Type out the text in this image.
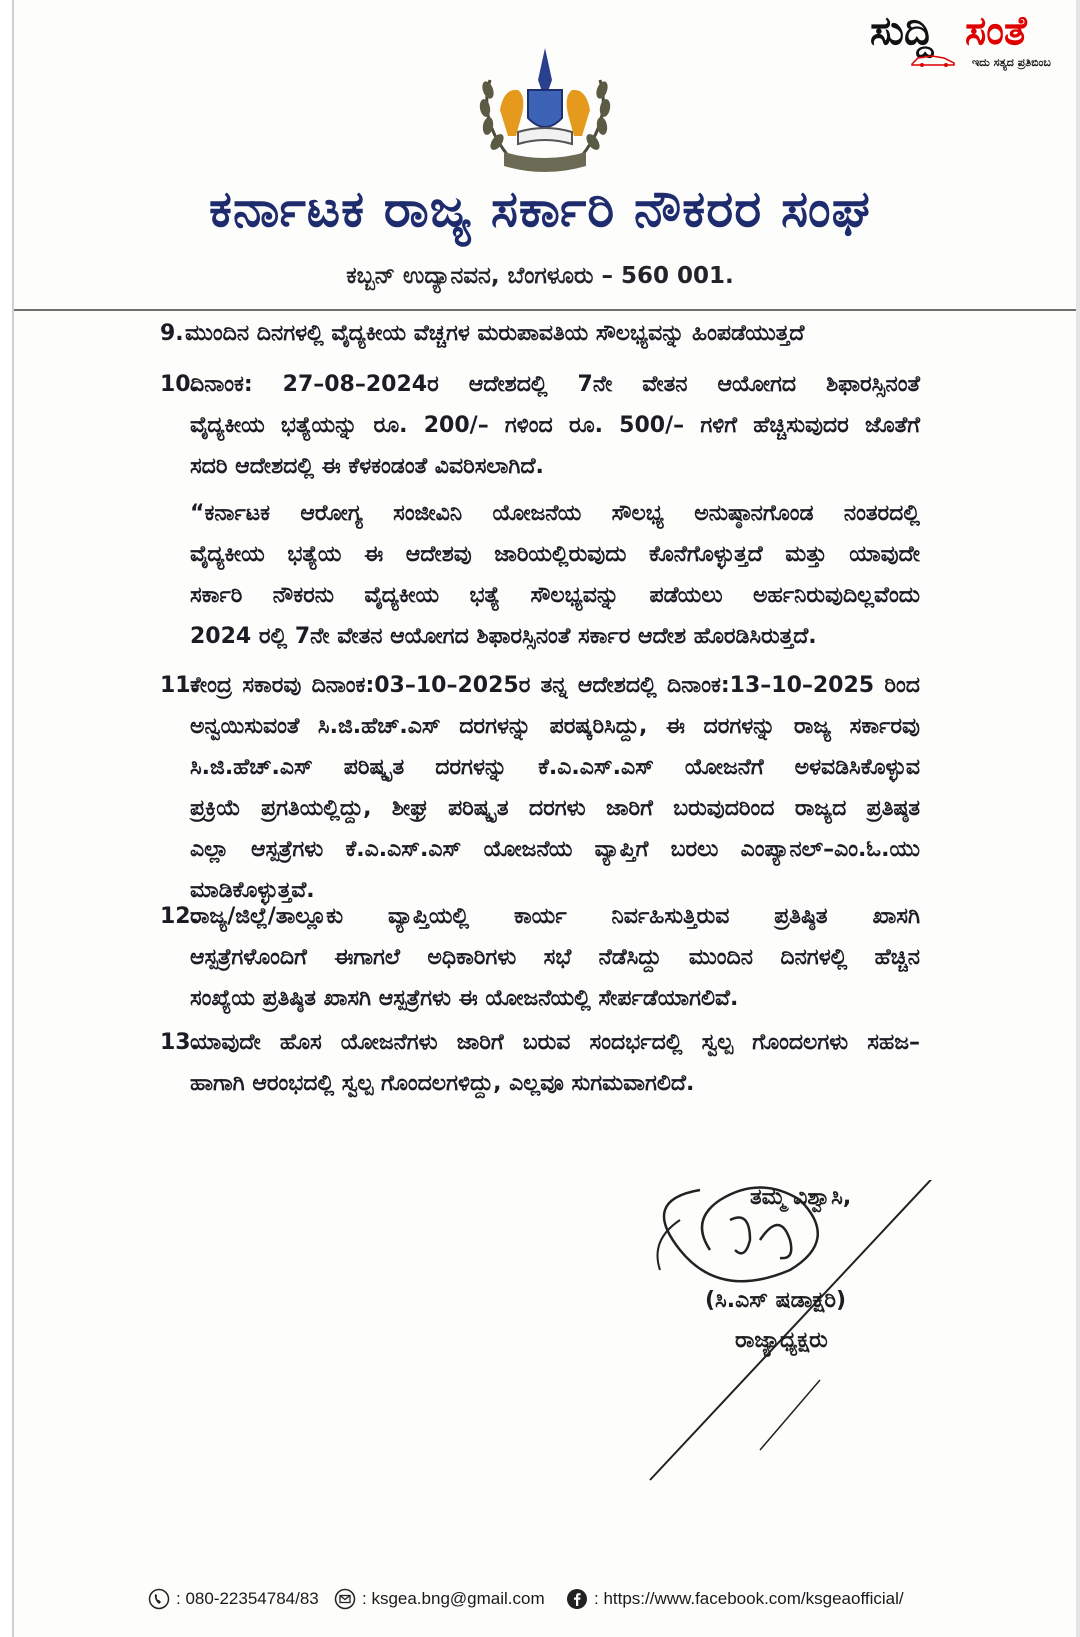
ಸುದ್ದಿ ಸಂತೆ
ಇದು ಸತ್ಯದ ಪ್ರತಿಬಿಂಬ
ಕರ್ನಾಟಕ ರಾಜ್ಯ ಸರ್ಕಾರಿ ನೌಕರರ ಸಂಘ
ಕಬ್ಬನ್ ಉದ್ಯಾನವನ, ಬೆಂಗಳೂರು – 560 001.
9. ಮುಂದಿನ ದಿನಗಳಲ್ಲಿ ವೈದ್ಯಕೀಯ ವೆಚ್ಚಗಳ ಮರುಪಾವತಿಯ ಸೌಲಭ್ಯವನ್ನು ಹಿಂಪಡೆಯುತ್ತದೆ
10.
ದಿನಾಂಕ: 27–08–2024ರ ಆದೇಶದಲ್ಲಿ 7ನೇ ವೇತನ ಆಯೋಗದ ಶಿಫಾರಸ್ಸಿನಂತೆ
ವೈದ್ಯಕೀಯ ಭತ್ಯೆಯನ್ನು ರೂ. 200/– ಗಳಿಂದ ರೂ. 500/– ಗಳಿಗೆ ಹೆಚ್ಚಿಸುವುದರ ಜೊತೆಗೆ
ಸದರಿ ಆದೇಶದಲ್ಲಿ ಈ ಕೆಳಕಂಡಂತೆ ವಿವರಿಸಲಾಗಿದೆ.
“ಕರ್ನಾಟಕ ಆರೋಗ್ಯ ಸಂಜೀವಿನಿ ಯೋಜನೆಯ ಸೌಲಭ್ಯ ಅನುಷ್ಠಾನಗೊಂಡ ನಂತರದಲ್ಲಿ
ವೈದ್ಯಕೀಯ ಭತ್ಯೆಯ ಈ ಆದೇಶವು ಜಾರಿಯಲ್ಲಿರುವುದು ಕೊನೆಗೊಳ್ಳುತ್ತದೆ ಮತ್ತು ಯಾವುದೇ
ಸರ್ಕಾರಿ ನೌಕರನು ವೈದ್ಯಕೀಯ ಭತ್ಯೆ ಸೌಲಭ್ಯವನ್ನು ಪಡೆಯಲು ಅರ್ಹನಿರುವುದಿಲ್ಲವೆಂದು
2024 ರಲ್ಲಿ 7ನೇ ವೇತನ ಆಯೋಗದ ಶಿಫಾರಸ್ಸಿನಂತೆ ಸರ್ಕಾರ ಆದೇಶ ಹೊರಡಿಸಿರುತ್ತದೆ.
11.
ಕೇಂದ್ರ ಸಕಾರವು ದಿನಾಂಕ:03–10–2025ರ ತನ್ನ ಆದೇಶದಲ್ಲಿ ದಿನಾಂಕ:13–10–2025 ರಿಂದ
ಅನ್ವಯಿಸುವಂತೆ ಸಿ.ಜಿ.ಹೆಚ್.ಎಸ್ ದರಗಳನ್ನು ಪರಷ್ಕರಿಸಿದ್ದು, ಈ ದರಗಳನ್ನು ರಾಜ್ಯ ಸರ್ಕಾರವು
ಸಿ.ಜಿ.ಹೆಚ್.ಎಸ್ ಪರಿಷ್ಕೃತ ದರಗಳನ್ನು ಕೆ.ಎ.ಎಸ್.ಎಸ್ ಯೋಜನೆಗೆ ಅಳವಡಿಸಿಕೊಳ್ಳುವ
ಪ್ರಕ್ರಿಯೆ ಪ್ರಗತಿಯಲ್ಲಿದ್ದು, ಶೀಘ್ರ ಪರಿಷ್ಕೃತ ದರಗಳು ಜಾರಿಗೆ ಬರುವುದರಿಂದ ರಾಜ್ಯದ ಪ್ರತಿಷ್ಠತ
ಎಲ್ಲಾ ಆಸ್ಪತ್ರೆಗಳು ಕೆ.ಎ.ಎಸ್.ಎಸ್ ಯೋಜನೆಯ ವ್ಯಾಪ್ತಿಗೆ ಬರಲು ಎಂಪ್ಯಾನಲ್–ಎಂ.ಓ.ಯು
ಮಾಡಿಕೊಳ್ಳುತ್ತವೆ.
12.
ರಾಜ್ಯ/ಜಿಲ್ಲೆ/ತಾಲ್ಲೂಕು ವ್ಯಾಪ್ತಿಯಲ್ಲಿ ಕಾರ್ಯ ನಿರ್ವಹಿಸುತ್ತಿರುವ ಪ್ರತಿಷ್ಠಿತ ಖಾಸಗಿ
ಆಸ್ಪತ್ರೆಗಳೊಂದಿಗೆ ಈಗಾಗಲೆ ಅಧಿಕಾರಿಗಳು ಸಭೆ ನೆಡೆಸಿದ್ದು ಮುಂದಿನ ದಿನಗಳಲ್ಲಿ ಹೆಚ್ಚಿನ
ಸಂಖ್ಯೆಯ ಪ್ರತಿಷ್ಠಿತ ಖಾಸಗಿ ಆಸ್ಪತ್ರೆಗಳು ಈ ಯೋಜನೆಯಲ್ಲಿ ಸೇರ್ಪಡೆಯಾಗಲಿವೆ.
13.
ಯಾವುದೇ ಹೊಸ ಯೋಜನೆಗಳು ಜಾರಿಗೆ ಬರುವ ಸಂದರ್ಭದಲ್ಲಿ ಸ್ವಲ್ಪ ಗೊಂದಲಗಳು ಸಹಜ–
ಹಾಗಾಗಿ ಆರಂಭದಲ್ಲಿ ಸ್ವಲ್ಪ ಗೊಂದಲಗಳಿದ್ದು, ಎಲ್ಲವೂ ಸುಗಮವಾಗಲಿದೆ.
ತಮ್ಮ ವಿಶ್ವಾಸಿ,
(ಸಿ.ಎಸ್ ಷಡಾಕ್ಷರಿ)
ರಾಜ್ಯಾಧ್ಯಕ್ಷರು
: 080-22354784/83	: ksgea.bng@gmail.com	: https://www.facebook.com/ksgeaofficial/
